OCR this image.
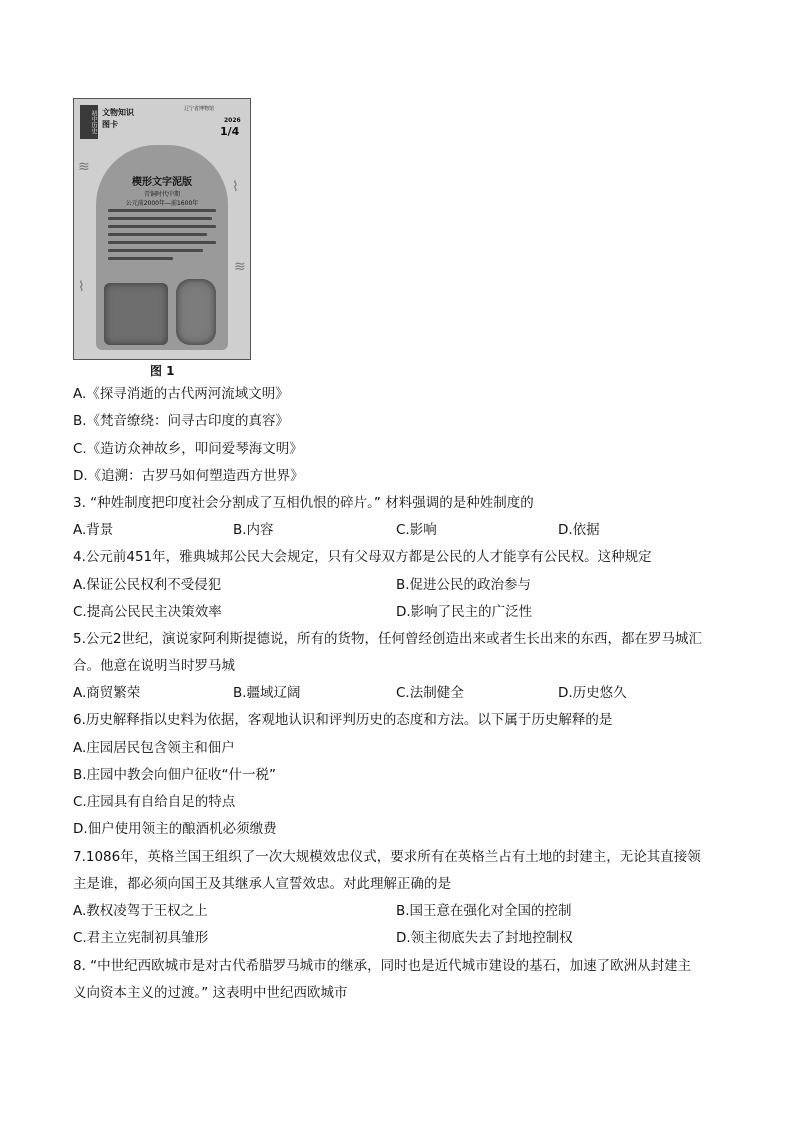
≋
⌇
≋
⌇
初中历史 文物知识
图卡
辽宁省博物馆
2026
1/4
楔形文字泥版
青铜时代中期
公元前2000年—前1600年
图 1
A.《探寻消逝的古代两河流域文明》
B.《梵音缭绕：问寻古印度的真容》
C.《造访众神故乡，叩问爱琴海文明》
D.《追溯：古罗马如何塑造西方世界》
3. “种姓制度把印度社会分割成了互相仇恨的碎片。” 材料强调的是种姓制度的
A.背景	B.内容	C.影响	D.依据
4.公元前451年，雅典城邦公民大会规定，只有父母双方都是公民的人才能享有公民权。这种规定
A.保证公民权利不受侵犯	B.促进公民的政治参与
C.提高公民民主决策效率	D.影响了民主的广泛性
5.公元2世纪，演说家阿利斯提德说，所有的货物，任何曾经创造出来或者生长出来的东西，都在罗马城汇
合。他意在说明当时罗马城
A.商贸繁荣	B.疆域辽阔	C.法制健全	D.历史悠久
6.历史解释指以史料为依据，客观地认识和评判历史的态度和方法。以下属于历史解释的是
A.庄园居民包含领主和佃户
B.庄园中教会向佃户征收“什一税”
C.庄园具有自给自足的特点
D.佃户使用领主的酿酒机必须缴费
7.1086年，英格兰国王组织了一次大规模效忠仪式，要求所有在英格兰占有土地的封建主，无论其直接领
主是谁，都必须向国王及其继承人宣誓效忠。对此理解正确的是
A.教权凌驾于王权之上	B.国王意在强化对全国的控制
C.君主立宪制初具雏形	D.领主彻底失去了封地控制权
8. “中世纪西欧城市是对古代希腊罗马城市的继承，同时也是近代城市建设的基石，加速了欧洲从封建主
义向资本主义的过渡。” 这表明中世纪西欧城市
